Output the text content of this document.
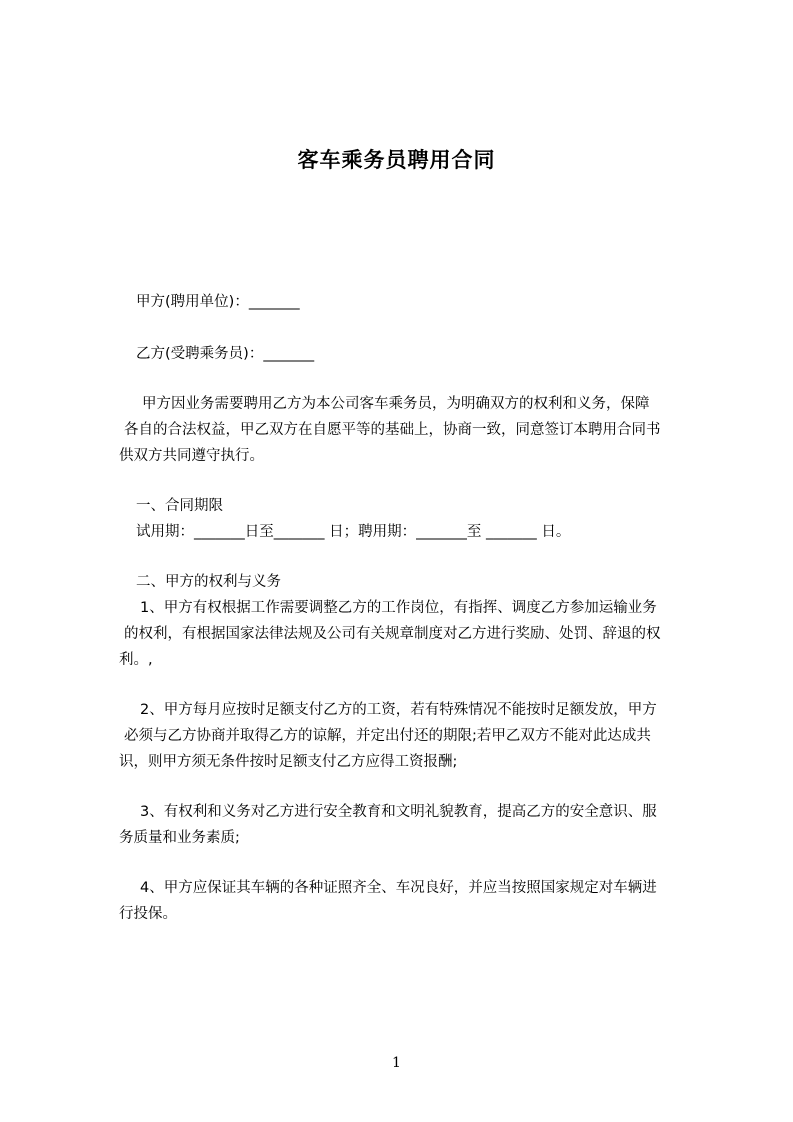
客车乘务员聘用合同

甲方(聘用单位)：_______

乙方(受聘乘务员)：_______

甲方因业务需要聘用乙方为本公司客车乘务员，为明确双方的权利和义务，保障
各自的合法权益，甲乙双方在自愿平等的基础上，协商一致，同意签订本聘用合同书
供双方共同遵守执行。

一、合同期限

试用期：_______日至_______ 日；聘用期：_______至 _______ 日。

二、甲方的权利与义务

1、甲方有权根据工作需要调整乙方的工作岗位，有指挥、调度乙方参加运输业务
的权利，有根据国家法律法规及公司有关规章制度对乙方进行奖励、处罚、辞退的权
利。,
2、甲方每月应按时足额支付乙方的工资，若有特殊情况不能按时足额发放，甲方
必须与乙方协商并取得乙方的谅解，并定出付还的期限;若甲乙双方不能对此达成共
识，则甲方须无条件按时足额支付乙方应得工资报酬;
3、有权利和义务对乙方进行安全教育和文明礼貌教育，提高乙方的安全意识、服
务质量和业务素质;
4、甲方应保证其车辆的各种证照齐全、车况良好，并应当按照国家规定对车辆进
行投保。
1
